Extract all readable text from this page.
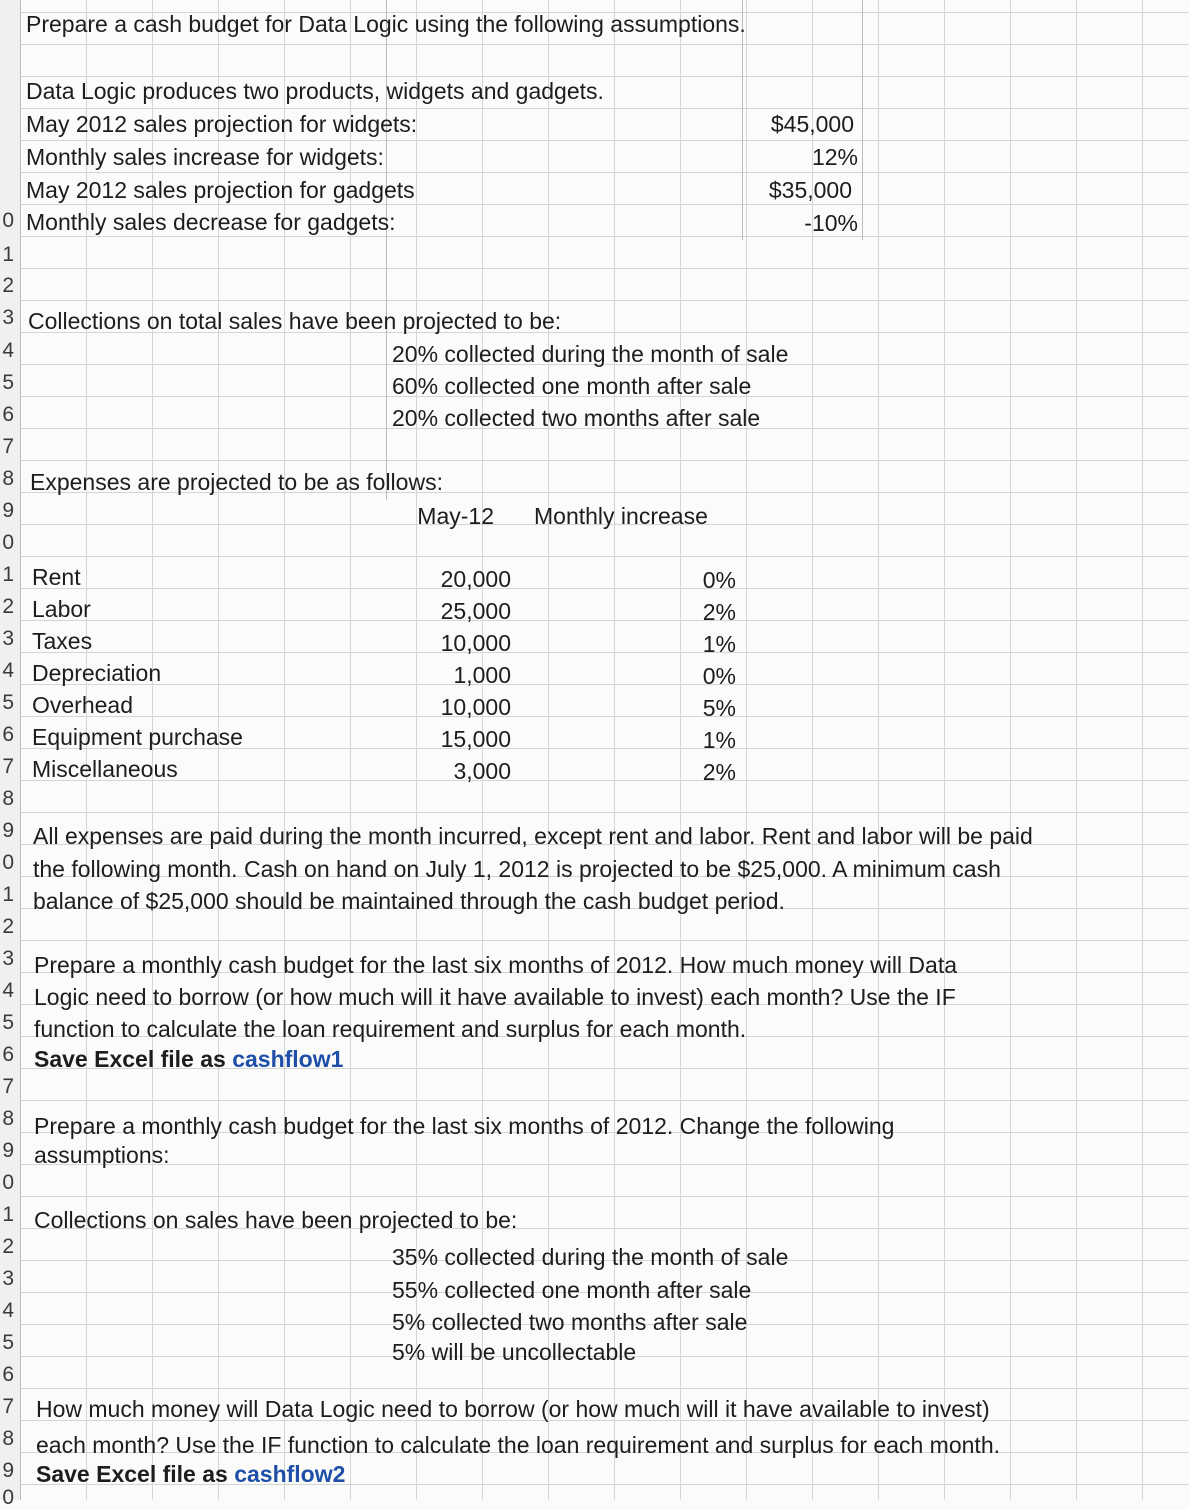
0
1
2
3
4
5
6
7
8
9
0
1
2
3
4
5
6
7
8
9
0
1
2
3
4
5
6
7
8
9
0
1
2
3
4
5
6
7
8
9
0
Prepare a cash budget for Data Logic using the following assumptions.
Data Logic produces two products, widgets and gadgets.
May 2012 sales projection for widgets:	$45,000
Monthly sales increase for widgets:	12%
May 2012 sales projection for gadgets	$35,000
Monthly sales decrease for gadgets:	-10%
Collections on total sales have been projected to be:
20% collected during the month of sale
60% collected one month after sale
20% collected two months after sale
Expenses are projected to be as follows:
May-12 Monthly increase
Rent	20,000	0%
Labor	25,000	2%
Taxes	10,000	1%
Depreciation	1,000	0%
Overhead	10,000	5%
Equipment purchase	15,000	1%
Miscellaneous	3,000	2%
All expenses are paid during the month incurred, except rent and labor. Rent and labor will be paid
the following month. Cash on hand on July 1, 2012 is projected to be $25,000. A minimum cash
balance of $25,000 should be maintained through the cash budget period.
Prepare a monthly cash budget for the last six months of 2012. How much money will Data
Logic need to borrow (or how much will it have available to invest) each month? Use the IF
function to calculate the loan requirement and surplus for each month.
Save Excel file as cashflow1
Prepare a monthly cash budget for the last six months of 2012. Change the following
assumptions:
Collections on sales have been projected to be:
35% collected during the month of sale
55% collected one month after sale
5% collected two months after sale
5% will be uncollectable
How much money will Data Logic need to borrow (or how much will it have available to invest)
each month? Use the IF function to calculate the loan requirement and surplus for each month.
Save Excel file as cashflow2
